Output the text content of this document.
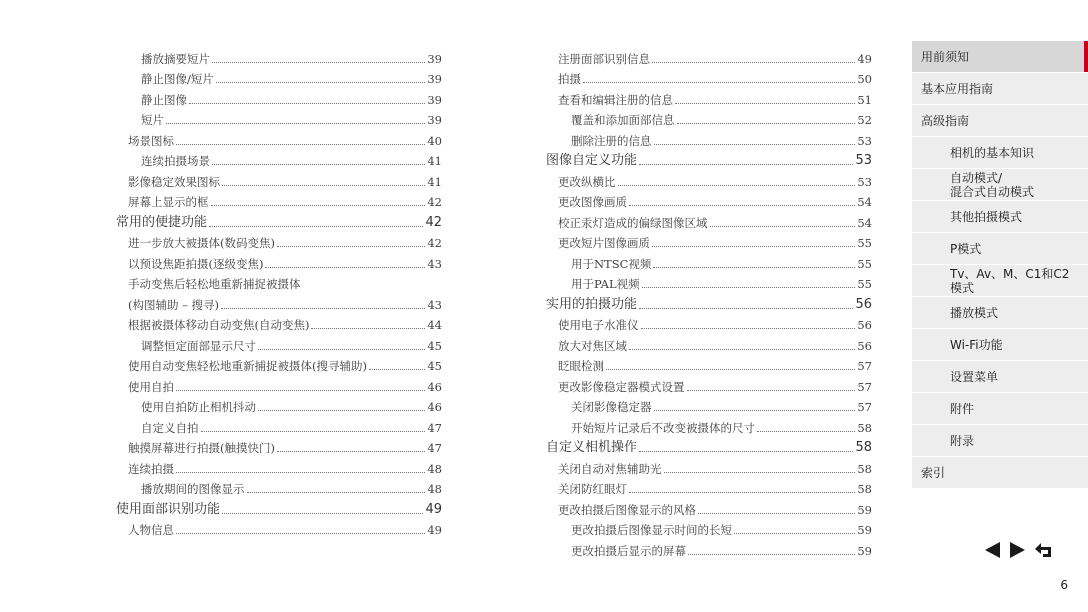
播放摘要短片	39
静止图像/短片	39
静止图像	39
短片	39
场景图标	40
连续拍摄场景	41
影像稳定效果图标	41
屏幕上显示的框	42
常用的便捷功能	42
进一步放大被摄体(数码变焦)	42
以预设焦距拍摄(逐级变焦)	43
手动变焦后轻松地重新捕捉被摄体
(构图辅助 – 搜寻)	43
根据被摄体移动自动变焦(自动变焦)	44
调整恒定面部显示尺寸	45
使用自动变焦轻松地重新捕捉被摄体(搜寻辅助)	45
使用自拍	46
使用自拍防止相机抖动	46
自定义自拍	47
触摸屏幕进行拍摄(触摸快门)	47
连续拍摄	48
播放期间的图像显示	48
使用面部识别功能	49
人物信息	49
注册面部识别信息	49
拍摄	50
查看和编辑注册的信息	51
覆盖和添加面部信息	52
删除注册的信息	53
图像自定义功能	53
更改纵横比	53
更改图像画质	54
校正汞灯造成的偏绿图像区域	54
更改短片图像画质	55
用于NTSC视频	55
用于PAL视频	55
实用的拍摄功能	56
使用电子水准仪	56
放大对焦区域	56
眨眼检测	57
更改影像稳定器模式设置	57
关闭影像稳定器	57
开始短片记录后不改变被摄体的尺寸	58
自定义相机操作	58
关闭自动对焦辅助光	58
关闭防红眼灯	58
更改拍摄后图像显示的风格	59
更改拍摄后图像显示时间的长短	59
更改拍摄后显示的屏幕	59
用前须知
基本应用指南
高级指南
相机的基本知识
自动模式/
混合式自动模式
其他拍摄模式
P模式
Tv、Av、M、C1和C2
模式
播放模式
Wi-Fi功能
设置菜单
附件
附录
索引
6
